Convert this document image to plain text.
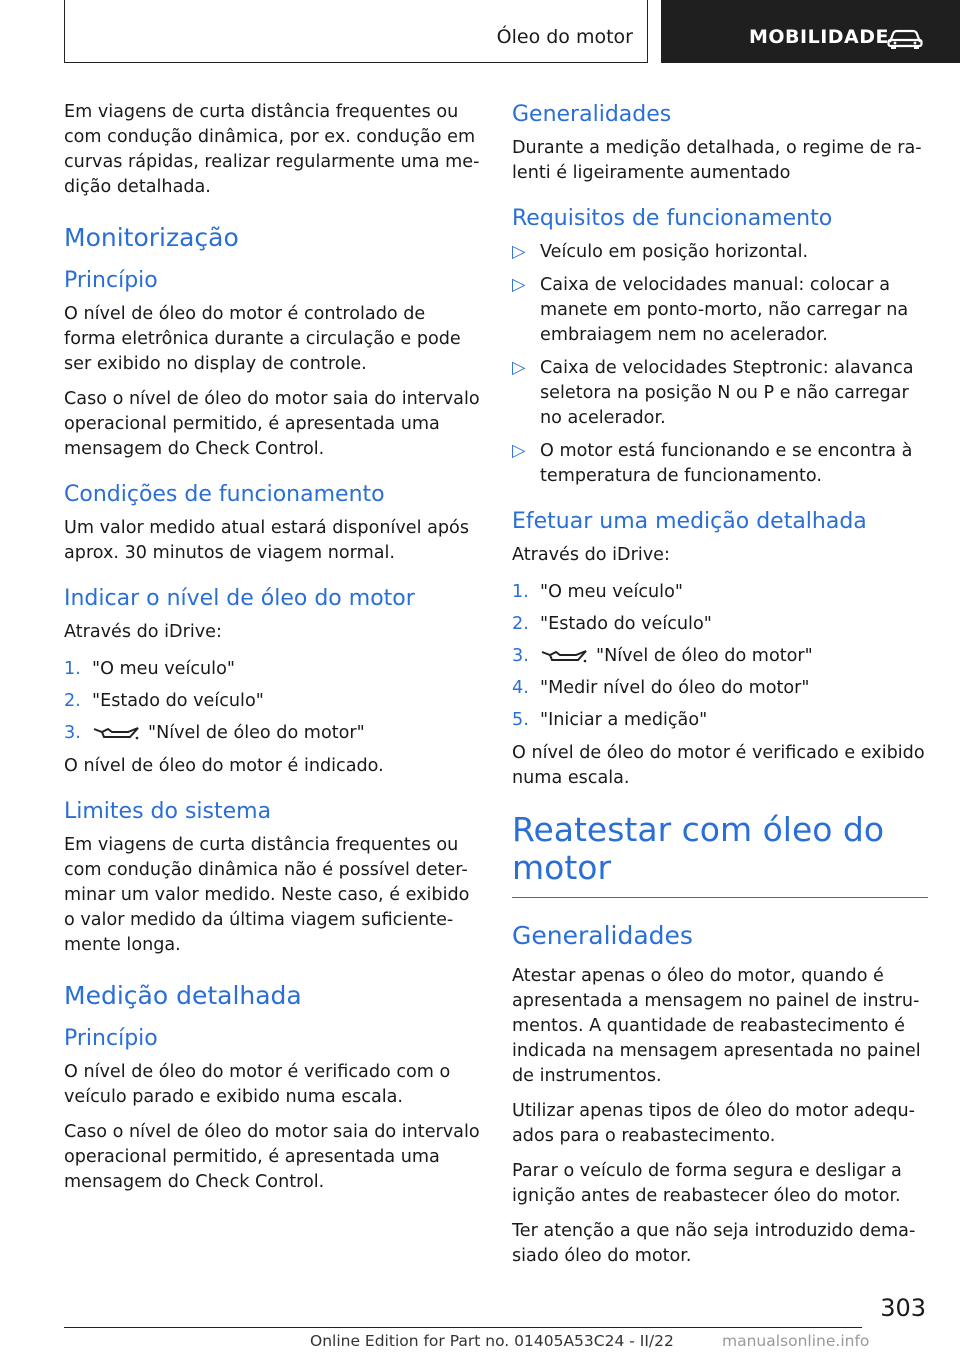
Óleo do motor	MOBILIDADE

Em viagens de curta distância frequentes ou com condução dinâmica, por ex. condução em curvas rápidas, realizar regularmente uma me-dição detalhada.

Monitorização
Princípio

O nível de óleo do motor é controlado de forma eletrônica durante a circulação e pode ser exibido no display de controle.

Caso o nível de óleo do motor saia do intervalo operacional permitido, é apresentada uma mensagem do Check Control.

Condições de funcionamento

Um valor medido atual estará disponível após aprox. 30 minutos de viagem normal.

Indicar o nível de óleo do motor

Através do iDrive:

1. "O meu veículo"
2. "Estado do veículo"
3.	"Nível de óleo do motor"

O nível de óleo do motor é indicado.

Limites do sistema

Em viagens de curta distância frequentes ou com condução dinâmica não é possível deter-minar um valor medido. Neste caso, é exibido o valor medido da última viagem suficiente-mente longa.

Medição detalhada
Princípio

O nível de óleo do motor é verificado com o veículo parado e exibido numa escala.

Caso o nível de óleo do motor saia do intervalo operacional permitido, é apresentada uma mensagem do Check Control.

Generalidades

Durante a medição detalhada, o regime de ra-lenti é ligeiramente aumentado

Requisitos de funcionamento
▷ Veículo em posição horizontal.
▷ Caixa de velocidades manual: colocar a manete em ponto-morto, não carregar na embraiagem nem no acelerador.
▷ Caixa de velocidades Steptronic: alavanca seletora na posição N ou P e não carregar no acelerador.
▷ O motor está funcionando e se encontra à temperatura de funcionamento.
Efetuar uma medição detalhada

Através do iDrive:

1. "O meu veículo"
2. "Estado do veículo"
3.	"Nível de óleo do motor"
4. "Medir nível do óleo do motor"
5. "Iniciar a medição"

O nível de óleo do motor é verificado e exibido numa escala.

Reatestar com óleo do motor
Generalidades

Atestar apenas o óleo do motor, quando é apresentada a mensagem no painel de instru-mentos. A quantidade de reabastecimento é indicada na mensagem apresentada no painel de instrumentos.

Utilizar apenas tipos de óleo do motor adequ-ados para o reabastecimento.

Parar o veículo de forma segura e desligar a ignição antes de reabastecer óleo do motor.

Ter atenção a que não seja introduzido dema-siado óleo do motor.

303
Online Edition for Part no. 01405A53C24 - II/22	manualsonline.info
